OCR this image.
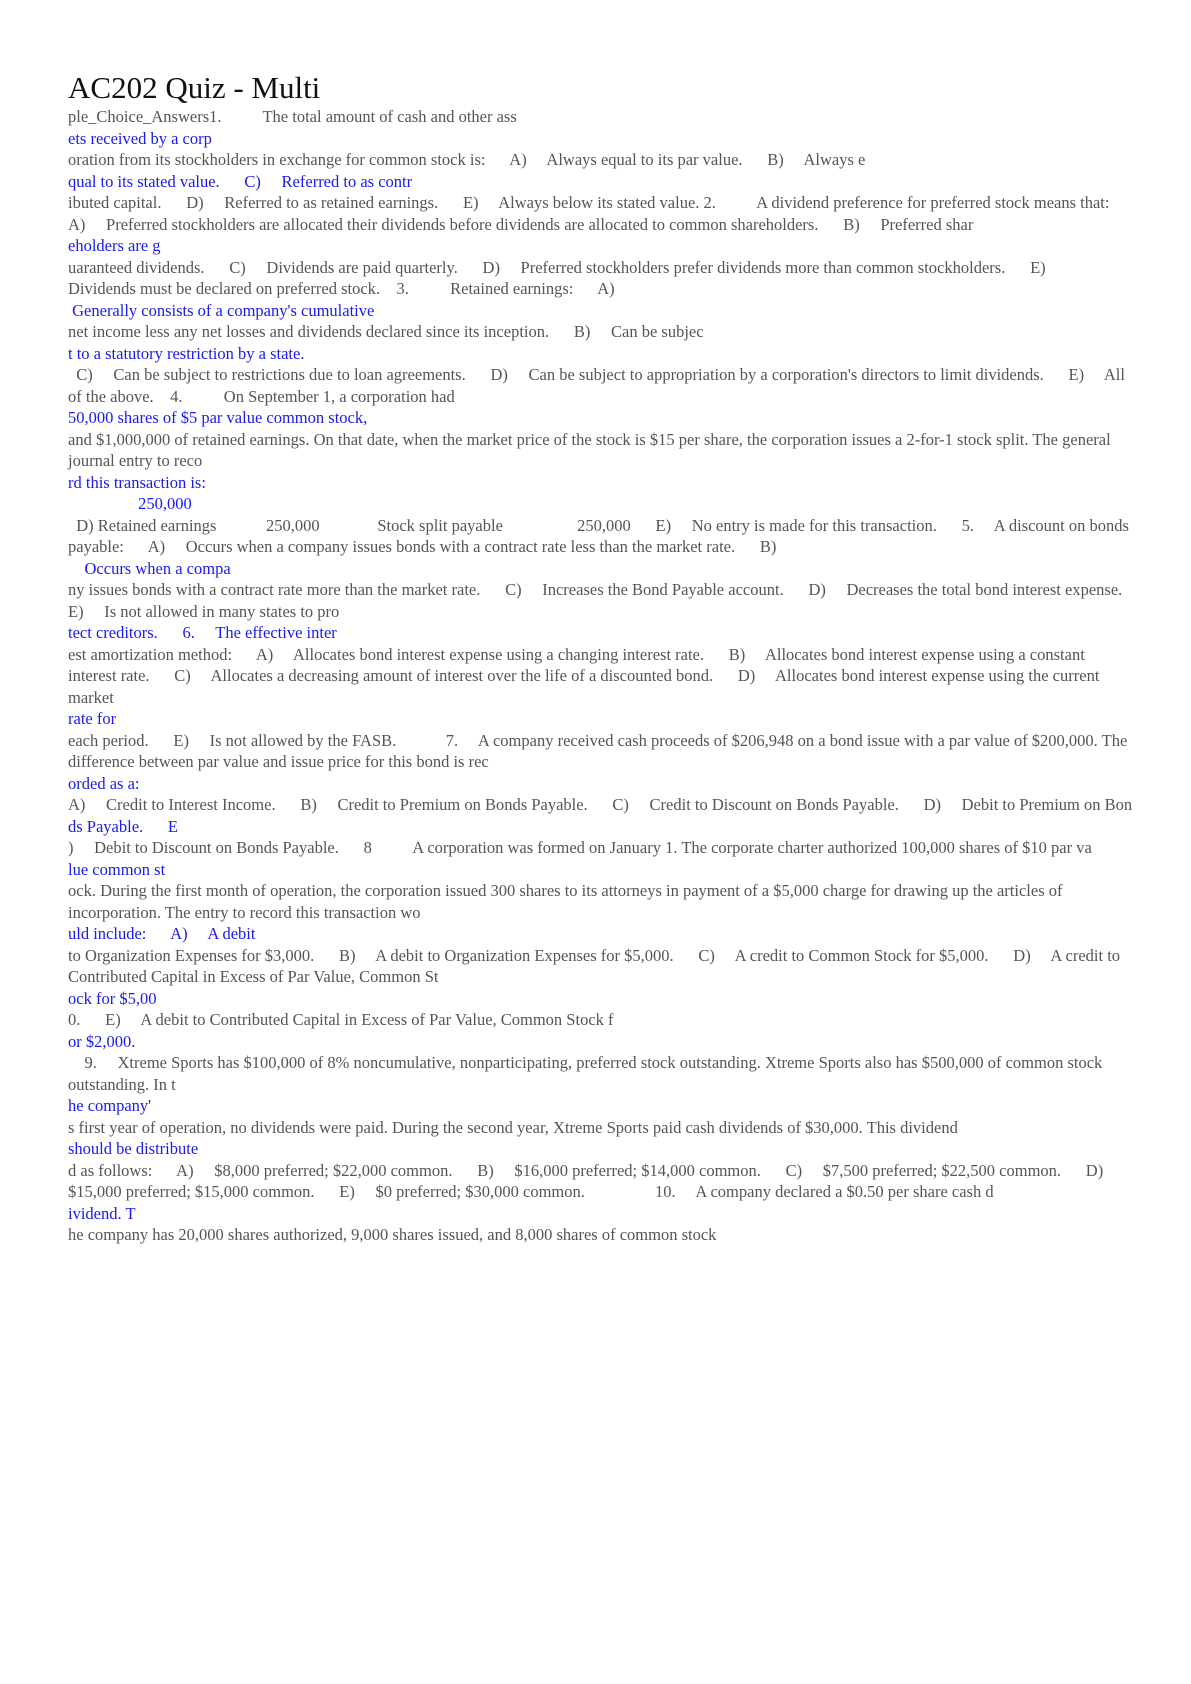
AC202 Quiz - Multi

ple_Choice_Answers1.          The total amount of cash and other ass

ets received by a corp

oration from its stockholders in exchange for common stock is:      A)     Always equal to its par value.      B)     Always e

qual to its stated value.      C)     Referred to as contr

ibuted capital.      D)     Referred to as retained earnings.      E)     Always below its stated value. 2.          A dividend preference for preferred stock means that:      A)     Preferred stockholders are allocated their dividends before dividends are allocated to common shareholders.      B)     Preferred shar

eholders are g

uaranteed dividends.      C)     Dividends are paid quarterly.      D)     Preferred stockholders prefer dividends more than common stockholders.      E)     Dividends must be declared on preferred stock.    3.          Retained earnings:      A)

Generally consists of a company's cumulative

net income less any net losses and dividends declared since its inception.      B)     Can be subjec

t to a statutory restriction by a state.

C)     Can be subject to restrictions due to loan agreements.      D)     Can be subject to appropriation by a corporation's directors to limit dividends.      E)     All of the above.    4.          On September 1, a corporation had

50,000 shares of $5 par value common stock,

and $1,000,000 of retained earnings. On that date, when the market price of the stock is $15 per share, the corporation issues a 2-for-1 stock split. The general journal entry to reco

rd this transaction is:

250,000

D) Retained earnings            250,000              Stock split payable                  250,000      E)     No entry is made for this transaction.      5.     A discount on bonds payable:      A)     Occurs when a company issues bonds with a contract rate less than the market rate.      B)

Occurs when a compa

ny issues bonds with a contract rate more than the market rate.      C)     Increases the Bond Payable account.      D)     Decreases the total bond interest expense.      E)     Is not allowed in many states to pro

tect creditors.      6.     The effective inter

est amortization method:      A)     Allocates bond interest expense using a changing interest rate.      B)     Allocates bond interest expense using a constant interest rate.      C)     Allocates a decreasing amount of interest over the life of a discounted bond.      D)     Allocates bond interest expense using the current market

rate for

each period.      E)     Is not allowed by the FASB.            7.     A company received cash proceeds of $206,948 on a bond issue with a par value of $200,000. The difference between par value and issue price for this bond is rec

orded as a:

A)     Credit to Interest Income.      B)     Credit to Premium on Bonds Payable.      C)     Credit to Discount on Bonds Payable.      D)     Debit to Premium on Bon

ds Payable.      E

)     Debit to Discount on Bonds Payable.      8          A corporation was formed on January 1. The corporate charter authorized 100,000 shares of $10 par va

lue common st

ock. During the first month of operation, the corporation issued 300 shares to its attorneys in payment of a $5,000 charge for drawing up the articles of incorporation. The entry to record this transaction wo

uld include:      A)     A debit

to Organization Expenses for $3,000.      B)     A debit to Organization Expenses for $5,000.      C)     A credit to Common Stock for $5,000.      D)     A credit to Contributed Capital in Excess of Par Value, Common St

ock for $5,00

0.      E)     A debit to Contributed Capital in Excess of Par Value, Common Stock f

or $2,000.

9.     Xtreme Sports has $100,000 of 8% noncumulative, nonparticipating, preferred stock outstanding. Xtreme Sports also has $500,000 of common stock outstanding. In t

he company'

s first year of operation, no dividends were paid. During the second year, Xtreme Sports paid cash dividends of $30,000. This dividend

should be distribute

d as follows:      A)     $8,000 preferred; $22,000 common.      B)     $16,000 preferred; $14,000 common.      C)     $7,500 preferred; $22,500 common.      D)     $15,000 preferred; $15,000 common.      E)     $0 preferred; $30,000 common.                 10.     A company declared a $0.50 per share cash d

ividend. T

he company has 20,000 shares authorized, 9,000 shares issued, and 8,000 shares of common stock
